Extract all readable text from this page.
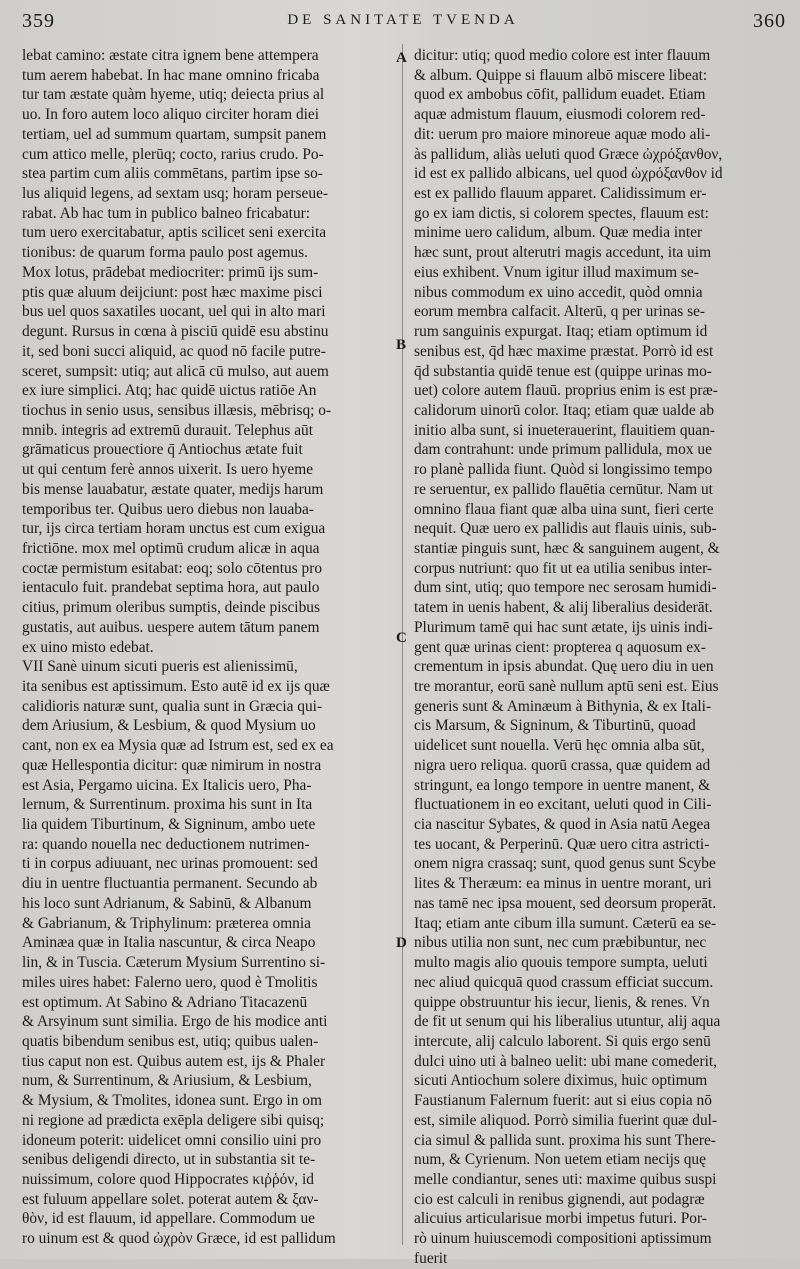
359	DE SANITATE TVENDA	360
A
B
C
D
lebat camino: æstate citra ignem bene attempera
tum aerem habebat. In hac mane omnino fricaba
tur tam æstate quàm hyeme, utiq; deiecta prius al
uo. In foro autem loco aliquo circiter horam diei
tertiam, uel ad summum quartam, sumpsit panem
cum attico melle, plerūq; cocto, rarius crudo. Po-
stea partim cum aliis commētans, partim ipse so-
lus aliquid legens, ad sextam usq; horam perseue-
rabat. Ab hac tum in publico balneo fricabatur:
tum uero exercitabatur, aptis scilicet seni exercita
tionibus: de quarum forma paulo post agemus.
Mox lotus, prādebat mediocriter: primū ijs sum-
ptis quæ aluum deijciunt: post hæc maxime pisci
bus uel quos saxatiles uocant, uel qui in alto mari
degunt. Rursus in cœna à pisciū quidē esu abstinu
it, sed boni succi aliquid, ac quod nō facile putre-
sceret, sumpsit: utiq; aut alicā cū mulso, aut auem
ex iure simplici. Atq; hac quidē uictus ratiōe An
tiochus in senio usus, sensibus illæsis, mēbrisq; o-
mnib. integris ad extremū durauit. Telephus aūt
grāmaticus prouectiore q̄ Antiochus ætate fuit
ut qui centum ferè annos uixerit. Is uero hyeme
bis mense lauabatur, æstate quater, medijs harum
temporibus ter. Quibus uero diebus non lauaba-
tur, ijs circa tertiam horam unctus est cum exigua
frictiōne. mox mel optimū crudum alicæ in aqua
coctæ permistum esitabat: eoq; solo cōtentus pro
ientaculo fuit. prandebat septima hora, aut paulo
citius, primum oleribus sumptis, deinde piscibus
gustatis, aut auibus. uespere autem tātum panem
ex uino misto edebat.
VII Sanè uinum sicuti pueris est alienissimū,
ita senibus est aptissimum. Esto autē id ex ijs quæ
calidioris naturæ sunt, qualia sunt in Græcia qui-
dem Ariusium, & Lesbium, & quod Mysium uo
cant, non ex ea Mysia quæ ad Istrum est, sed ex ea
quæ Hellespontia dicitur: quæ nimirum in nostra
est Asia, Pergamo uicina. Ex Italicis uero, Pha-
lernum, & Surrentinum. proxima his sunt in Ita
lia quidem Tiburtinum, & Signinum, ambo uete
ra: quando nouella nec deductionem nutrimen-
ti in corpus adiuuant, nec urinas promouent: sed
diu in uentre fluctuantia permanent. Secundo ab
his loco sunt Adrianum, & Sabinū, & Albanum
& Gabrianum, & Triphylinum: præterea omnia
Aminæa quæ in Italia nascuntur, & circa Neapo
lin, & in Tuscia. Cæterum Mysium Surrentino si-
miles uires habet: Falerno uero, quod è Tmolitis
est optimum. At Sabino & Adriano Titacazenū
& Arsyinum sunt similia. Ergo de his modice anti
quatis bibendum senibus est, utiq; quibus ualen-
tius caput non est. Quibus autem est, ijs & Phaler
num, & Surrentinum, & Ariusium, & Lesbium,
& Mysium, & Tmolites, idonea sunt. Ergo in om
ni regione ad prædicta exēpla deligere sibi quisq;
idoneum poterit: uidelicet omni consilio uini pro
senibus deligendi directo, ut in substantia sit te-
nuissimum, colore quod Hippocrates κιῤῥόν, id
est fuluum appellare solet. poterat autem & ξαν-
θὸν, id est flauum, id appellare. Commodum ue
ro uinum est & quod ὠχρὸν Græce, id est pallidum
dicitur: utiq; quod medio colore est inter flauum
& album. Quippe si flauum albō miscere libeat:
quod ex ambobus cōfit, pallidum euadet. Etiam
aquæ admistum flauum, eiusmodi colorem red-
dit: uerum pro maiore minoreue aquæ modo ali-
às pallidum, aliàs ueluti quod Græce ὠχρόξανθον,
id est ex pallido albicans, uel quod ὠχρόξανθον id
est ex pallido flauum apparet. Calidissimum er-
go ex iam dictis, si colorem spectes, flauum est:
minime uero calidum, album. Quæ media inter
hæc sunt, prout alterutri magis accedunt, ita uim
eius exhibent. Vnum igitur illud maximum se-
nibus commodum ex uino accedit, quòd omnia
eorum membra calfacit. Alterū, q per urinas se-
rum sanguinis expurgat. Itaq; etiam optimum id
senibus est, q̄d hæc maxime præstat. Porrò id est
q̄d substantia quidē tenue est (quippe urinas mo-
uet) colore autem flauū. proprius enim is est præ-
calidorum uinorū color. Itaq; etiam quæ ualde ab
initio alba sunt, si inueterauerint, flauitiem quan-
dam contrahunt: unde primum pallidula, mox ue
ro planè pallida fiunt. Quòd si longissimo tempo
re seruentur, ex pallido flauētia cernūtur. Nam ut
omnino flaua fiant quæ alba uina sunt, fieri certe
nequit. Quæ uero ex pallidis aut flauis uinis, sub-
stantiæ pinguis sunt, hæc & sanguinem augent, &
corpus nutriunt: quo fit ut ea utilia senibus inter-
dum sint, utiq; quo tempore nec serosam humidi-
tatem in uenis habent, & alij liberalius desiderāt.
Plurimum tamē qui hac sunt ætate, ijs uinis indi-
gent quæ urinas cient: propterea q aquosum ex-
crementum in ipsis abundat. Quę uero diu in uen
tre morantur, eorū sanè nullum aptū seni est. Eius
generis sunt & Aminæum à Bithynia, & ex Itali-
cis Marsum, & Signinum, & Tiburtinū, quoad
uidelicet sunt nouella. Verū hęc omnia alba sūt,
nigra uero reliqua. quorū crassa, quæ quidem ad
stringunt, ea longo tempore in uentre manent, &
fluctuationem in eo excitant, ueluti quod in Cili-
cia nascitur Sybates, & quod in Asia natū Aegea
tes uocant, & Perperinū. Quæ uero citra astricti-
onem nigra crassaq; sunt, quod genus sunt Scybe
lites & Theræum: ea minus in uentre morant, uri
nas tamē nec ipsa mouent, sed deorsum properāt.
Itaq; etiam ante cibum illa sumunt. Cæterū ea se-
nibus utilia non sunt, nec cum præbibuntur, nec
multo magis alio quouis tempore sumpta, ueluti
nec aliud quicquā quod crassum efficiat succum.
quippe obstruuntur his iecur, lienis, & renes. Vn
de fit ut senum qui his liberalius utuntur, alij aqua
intercute, alij calculo laborent. Si quis ergo senū
dulci uino uti à balneo uelit: ubi mane comederit,
sicuti Antiochum solere diximus, huic optimum
Faustianum Falernum fuerit: aut si eius copia nō
est, simile aliquod. Porrò similia fuerint quæ dul-
cia simul & pallida sunt. proxima his sunt There-
num, & Cyrienum. Non uetem etiam necijs quę
melle condiantur, senes uti: maxime quibus suspi
cio est calculi in renibus gignendi, aut podagræ
alicuius articularisue morbi impetus futuri. Por-
rò uinum huiuscemodi compositioni aptissimum
fuerit
